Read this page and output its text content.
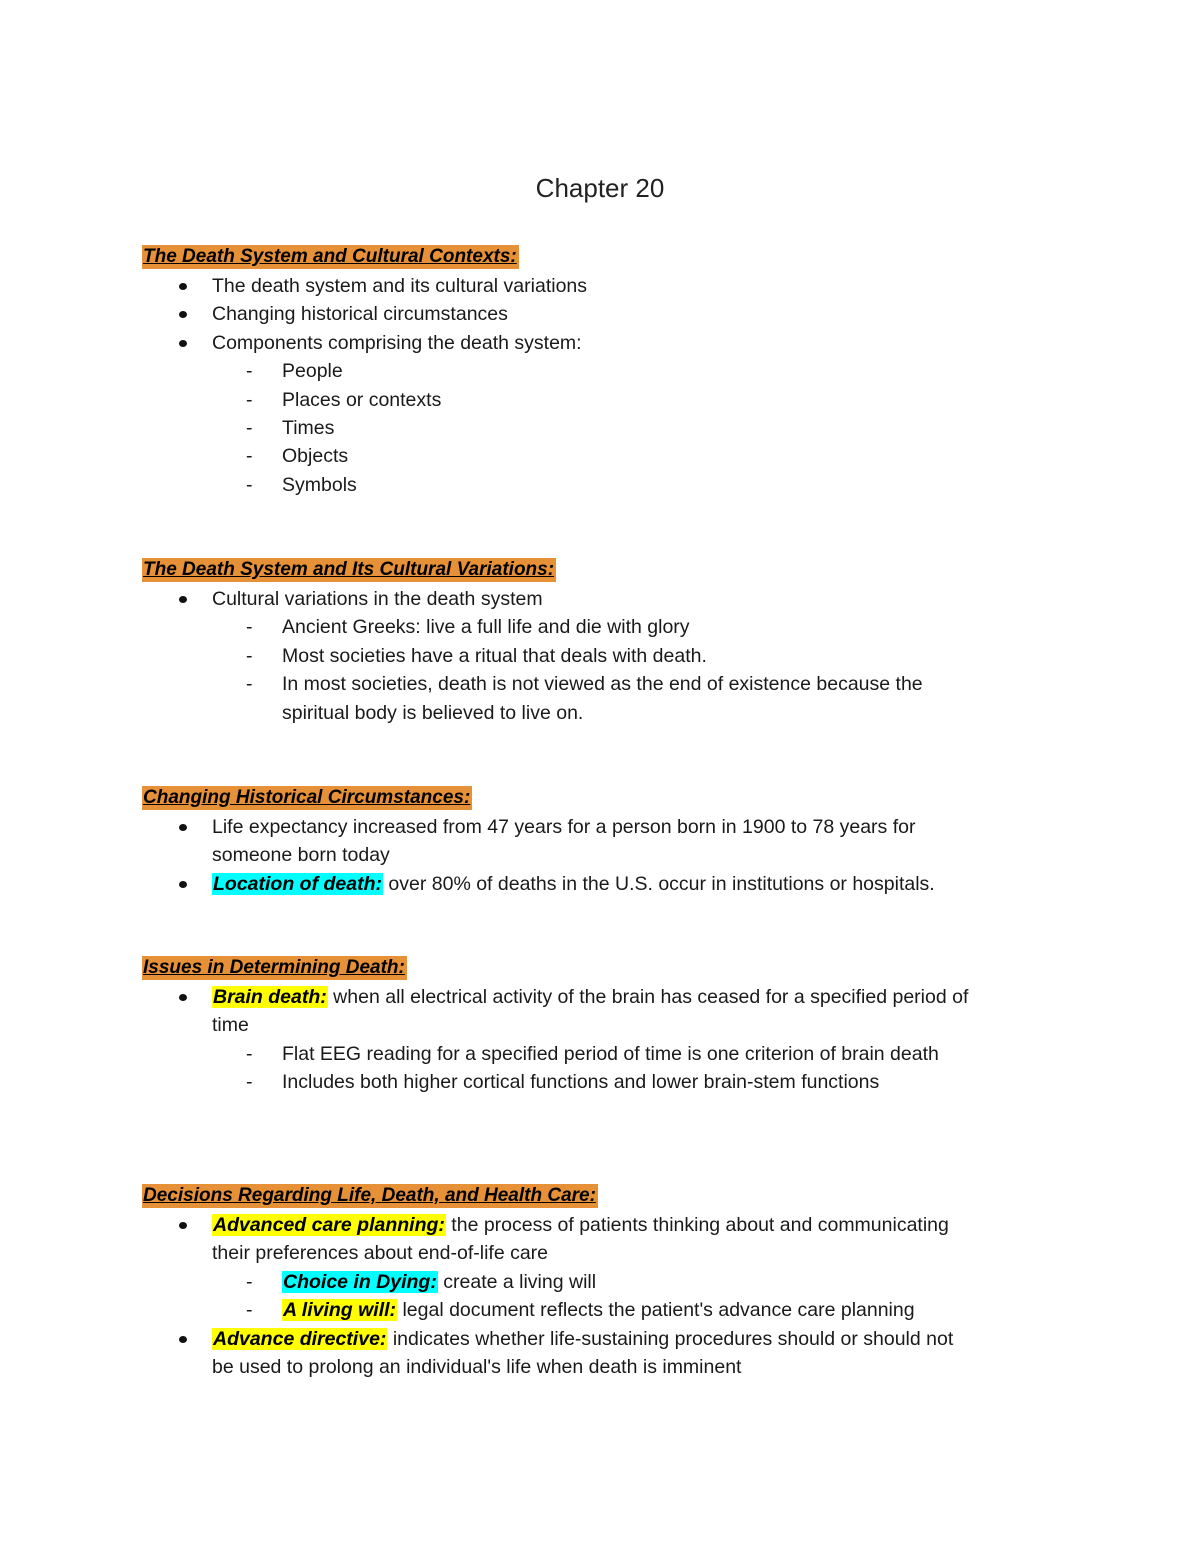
Chapter 20
The Death System and Cultural Contexts:
The death system and its cultural variations
Changing historical circumstances
Components comprising the death system:
- People
- Places or contexts
- Times
- Objects
- Symbols
The Death System and Its Cultural Variations:
Cultural variations in the death system
- Ancient Greeks: live a full life and die with glory
- Most societies have a ritual that deals with death.
- In most societies, death is not viewed as the end of existence because the
spiritual body is believed to live on.
Changing Historical Circumstances:
Life expectancy increased from 47 years for a person born in 1900 to 78 years for
someone born today
Location of death: over 80% of deaths in the U.S. occur in institutions or hospitals.
Issues in Determining Death:
Brain death: when all electrical activity of the brain has ceased for a specified period of
time
- Flat EEG reading for a specified period of time is one criterion of brain death
- Includes both higher cortical functions and lower brain-stem functions
Decisions Regarding Life, Death, and Health Care:
Advanced care planning: the process of patients thinking about and communicating
their preferences about end-of-life care
- Choice in Dying: create a living will
- A living will: legal document reflects the patient's advance care planning
Advance directive: indicates whether life-sustaining procedures should or should not
be used to prolong an individual's life when death is imminent
